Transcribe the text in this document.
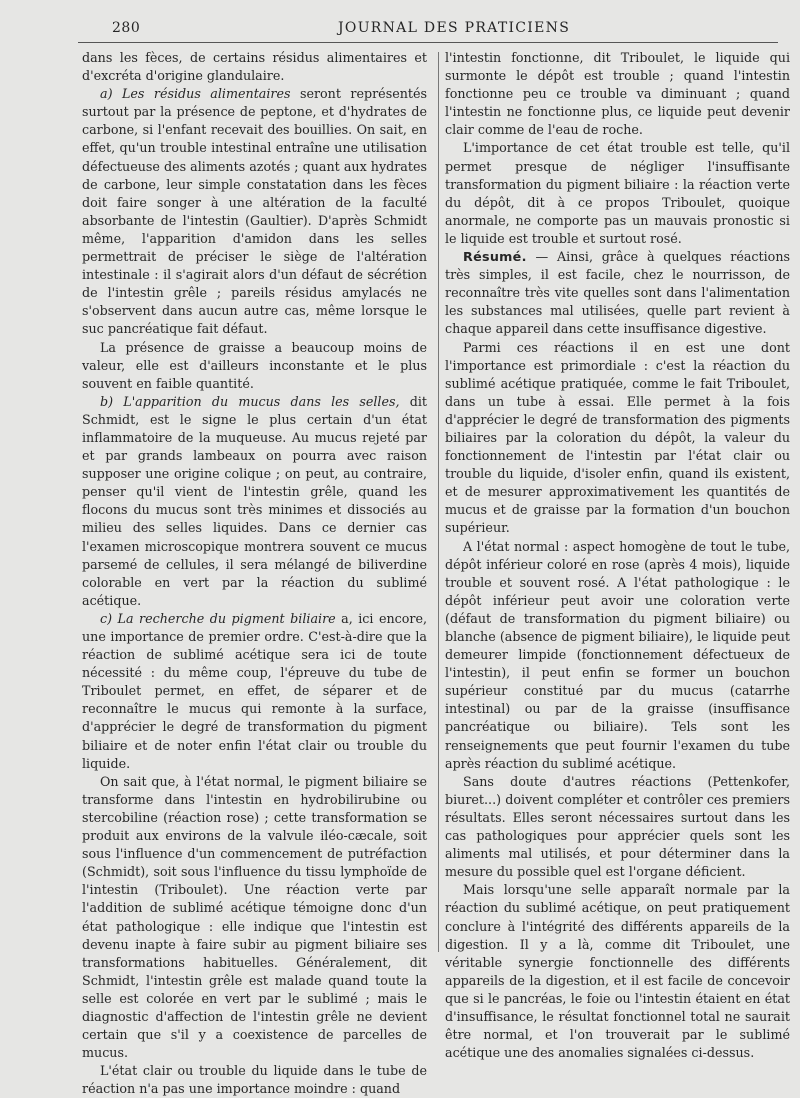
280	JOURNAL DES PRATICIENS

dans les fèces, de certains résidus alimentaires et d'excréta d'origine glandulaire.

a) Les résidus alimentaires seront représentés surtout par la présence de peptone, et d'hydrates de carbone, si l'enfant recevait des bouillies. On sait, en effet, qu'un trouble intestinal entraîne une utilisation défectueuse des aliments azotés ; quant aux hydrates de carbone, leur simple constatation dans les fèces doit faire songer à une altération de la faculté absorbante de l'intestin (Gaultier). D'après Schmidt même, l'apparition d'amidon dans les selles permettrait de préciser le siège de l'altération intestinale : il s'agirait alors d'un défaut de sécrétion de l'intestin grêle ; pareils résidus amylacés ne s'observent dans aucun autre cas, même lorsque le suc pancréatique fait défaut.

La présence de graisse a beaucoup moins de valeur, elle est d'ailleurs inconstante et le plus souvent en faible quantité.

b) L'apparition du mucus dans les selles, dit Schmidt, est le signe le plus certain d'un état inflammatoire de la muqueuse. Au mucus rejeté par et par grands lambeaux on pourra avec raison supposer une origine colique ; on peut, au contraire, penser qu'il vient de l'intestin grêle, quand les flocons du mucus sont très minimes et dissociés au milieu des selles liquides. Dans ce dernier cas l'examen microscopique montrera souvent ce mucus parsemé de cellules, il sera mélangé de biliverdine colorable en vert par la réaction du sublimé acétique.

c) La recherche du pigment biliaire a, ici encore, une importance de premier ordre. C'est-à-dire que la réaction de sublimé acétique sera ici de toute nécessité : du même coup, l'épreuve du tube de Triboulet permet, en effet, de séparer et de reconnaître le mucus qui remonte à la surface, d'apprécier le degré de transformation du pigment biliaire et de noter enfin l'état clair ou trouble du liquide.

On sait que, à l'état normal, le pigment biliaire se transforme dans l'intestin en hydrobilirubine ou stercobiline (réaction rose) ; cette transformation se produit aux environs de la valvule iléo-cæcale, soit sous l'influence d'un commencement de putréfaction (Schmidt), soit sous l'influence du tissu lymphoïde de l'intestin (Triboulet). Une réaction verte par l'addition de sublimé acétique témoigne donc d'un état pathologique : elle indique que l'intestin est devenu inapte à faire subir au pigment biliaire ses transformations habituelles. Généralement, dit Schmidt, l'intestin grêle est malade quand toute la selle est colorée en vert par le sublimé ; mais le diagnostic d'affection de l'intestin grêle ne devient certain que s'il y a coexistence de parcelles de mucus.

L'état clair ou trouble du liquide dans le tube de réaction n'a pas une importance moindre : quand

l'intestin fonctionne, dit Triboulet, le liquide qui surmonte le dépôt est trouble ; quand l'intestin fonctionne peu ce trouble va diminuant ; quand l'intestin ne fonctionne plus, ce liquide peut devenir clair comme de l'eau de roche.

L'importance de cet état trouble est telle, qu'il permet presque de négliger l'insuffisante transformation du pigment biliaire : la réaction verte du dépôt, dit à ce propos Triboulet, quoique anormale, ne comporte pas un mauvais pronostic si le liquide est trouble et surtout rosé.

Résumé. — Ainsi, grâce à quelques réactions très simples, il est facile, chez le nourrisson, de reconnaître très vite quelles sont dans l'alimentation les substances mal utilisées, quelle part revient à chaque appareil dans cette insuffisance digestive.

Parmi ces réactions il en est une dont l'importance est primordiale : c'est la réaction du sublimé acétique pratiquée, comme le fait Triboulet, dans un tube à essai. Elle permet à la fois d'apprécier le degré de transformation des pigments biliaires par la coloration du dépôt, la valeur du fonctionnement de l'intestin par l'état clair ou trouble du liquide, d'isoler enfin, quand ils existent, et de mesurer approximativement les quantités de mucus et de graisse par la formation d'un bouchon supérieur.

A l'état normal : aspect homogène de tout le tube, dépôt inférieur coloré en rose (après 4 mois), liquide trouble et souvent rosé. A l'état pathologique : le dépôt inférieur peut avoir une coloration verte (défaut de transformation du pigment biliaire) ou blanche (absence de pigment biliaire), le liquide peut demeurer limpide (fonctionnement défectueux de l'intestin), il peut enfin se former un bouchon supérieur constitué par du mucus (catarrhe intestinal) ou par de la graisse (insuffisance pancréatique ou biliaire). Tels sont les renseignements que peut fournir l'examen du tube après réaction du sublimé acétique.

Sans doute d'autres réactions (Pettenkofer, biuret...) doivent compléter et contrôler ces premiers résultats. Elles seront nécessaires surtout dans les cas pathologiques pour apprécier quels sont les aliments mal utilisés, et pour déterminer dans la mesure du possible quel est l'organe déficient.

Mais lorsqu'une selle apparaît normale par la réaction du sublimé acétique, on peut pratiquement conclure à l'intégrité des différents appareils de la digestion. Il y a là, comme dit Triboulet, une véritable synergie fonctionnelle des différents appareils de la digestion, et il est facile de concevoir que si le pancréas, le foie ou l'intestin étaient en état d'insuffisance, le résultat fonctionnel total ne saurait être normal, et l'on trouverait par le sublimé acétique une des anomalies signalées ci-dessus.
